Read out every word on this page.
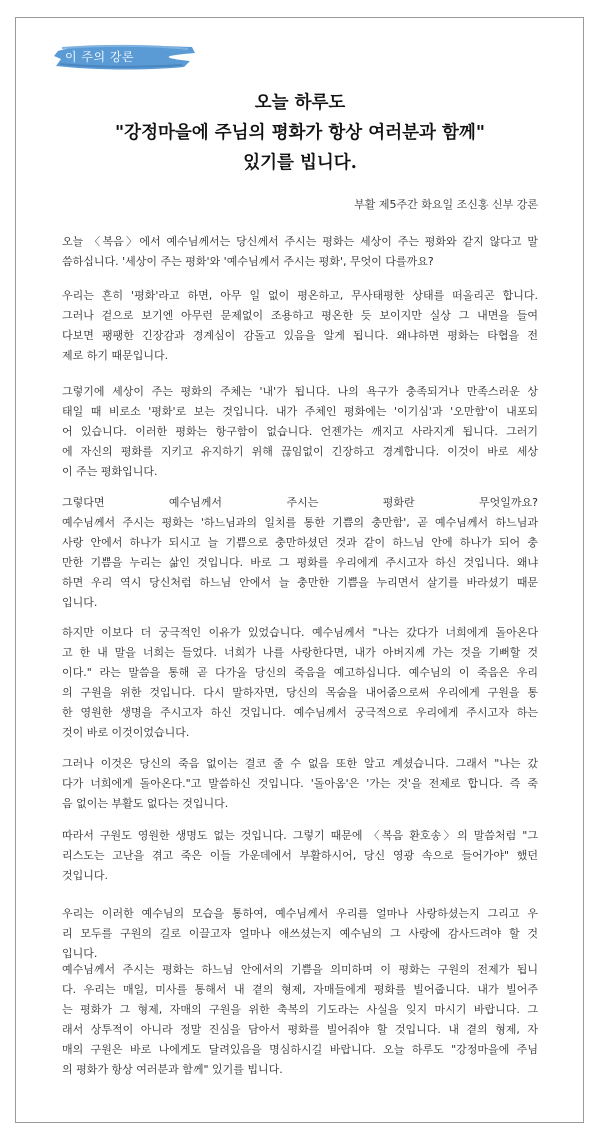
이 주의 강론
오늘 하루도
"강정마을에 주님의 평화가 항상 여러분과 함께"
있기를 빕니다.
부활 제5주간 화요일 조신홍 신부 강론
오늘 〈복음〉에서 예수님께서는 당신께서 주시는 평화는 세상이 주는 평화와 같지 않다고 말
씀하십니다. '세상이 주는 평화'와 '예수님께서 주시는 평화', 무엇이 다를까요?
우리는 흔히 '평화'라고 하면, 아무 일 없이 평온하고, 무사태평한 상태를 떠올리곤 합니다.
그러나 겉으로 보기엔 아무런 문제없이 조용하고 평온한 듯 보이지만 실상 그 내면을 들여
다보면 팽팽한 긴장감과 경계심이 감돌고 있음을 알게 됩니다. 왜냐하면 평화는 타협을 전
제로 하기 때문입니다.
그렇기에 세상이 주는 평화의 주체는 '내'가 됩니다. 나의 욕구가 충족되거나 만족스러운 상
태일 때 비로소 '평화'로 보는 것입니다. 내가 주체인 평화에는 '이기심'과 '오만함'이 내포되
어 있습니다. 이러한 평화는 항구함이 없습니다. 언젠가는 깨지고 사라지게 됩니다. 그러기
에 자신의 평화를 지키고 유지하기 위해 끊임없이 긴장하고 경계합니다. 이것이 바로 세상
이 주는 평화입니다.
그렇다면 예수님께서 주시는 평화란 무엇일까요?
예수님께서 주시는 평화는 '하느님과의 일치를 통한 기쁨의 충만함', 곧 예수님께서 하느님과
사랑 안에서 하나가 되시고 늘 기쁨으로 충만하셨던 것과 같이 하느님 안에 하나가 되어 충
만한 기쁨을 누리는 삶인 것입니다. 바로 그 평화를 우리에게 주시고자 하신 것입니다. 왜냐
하면 우리 역시 당신처럼 하느님 안에서 늘 충만한 기쁨을 누리면서 살기를 바라셨기 때문
입니다.
하지만 이보다 더 궁극적인 이유가 있었습니다. 예수님께서 "나는 갔다가 너희에게 돌아온다
고 한 내 말을 너희는 들었다. 너희가 나를 사랑한다면, 내가 아버지께 가는 것을 기뻐할 것
이다." 라는 말씀을 통해 곧 다가올 당신의 죽음을 예고하십니다. 예수님의 이 죽음은 우리
의 구원을 위한 것입니다. 다시 말하자면, 당신의 목숨을 내어줌으로써 우리에게 구원을 통
한 영원한 생명을 주시고자 하신 것입니다. 예수님께서 궁극적으로 우리에게 주시고자 하는
것이 바로 이것이었습니다.
그러나 이것은 당신의 죽음 없이는 결코 줄 수 없음 또한 알고 계셨습니다. 그래서 "나는 갔
다가 너희에게 돌아온다."고 말씀하신 것입니다. '돌아옴'은 '가는 것'을 전제로 합니다. 즉 죽
음 없이는 부활도 없다는 것입니다.
따라서 구원도 영원한 생명도 없는 것입니다. 그렇기 때문에 〈복음 환호송〉의 말씀처럼 "그
리스도는 고난을 겪고 죽은 이들 가운데에서 부활하시어, 당신 영광 속으로 들어가야" 했던
것입니다.
우리는 이러한 예수님의 모습을 통하여, 예수님께서 우리를 얼마나 사랑하셨는지 그리고 우
리 모두를 구원의 길로 이끌고자 얼마나 애쓰셨는지 예수님의 그 사랑에 감사드려야 할 것
입니다.
예수님께서 주시는 평화는 하느님 안에서의 기쁨을 의미하며 이 평화는 구원의 전제가 됩니
다. 우리는 매일, 미사를 통해서 내 곁의 형제, 자매들에게 평화를 빌어줍니다. 내가 빌어주
는 평화가 그 형제, 자매의 구원을 위한 축복의 기도라는 사실을 잊지 마시기 바랍니다. 그
래서 상투적이 아니라 정말 진심을 담아서 평화를 빌어줘야 할 것입니다. 내 곁의 형제, 자
매의 구원은 바로 나에게도 달려있음을 명심하시길 바랍니다. 오늘 하루도 "강정마을에 주님
의 평화가 항상 여러분과 함께" 있기를 빕니다.
